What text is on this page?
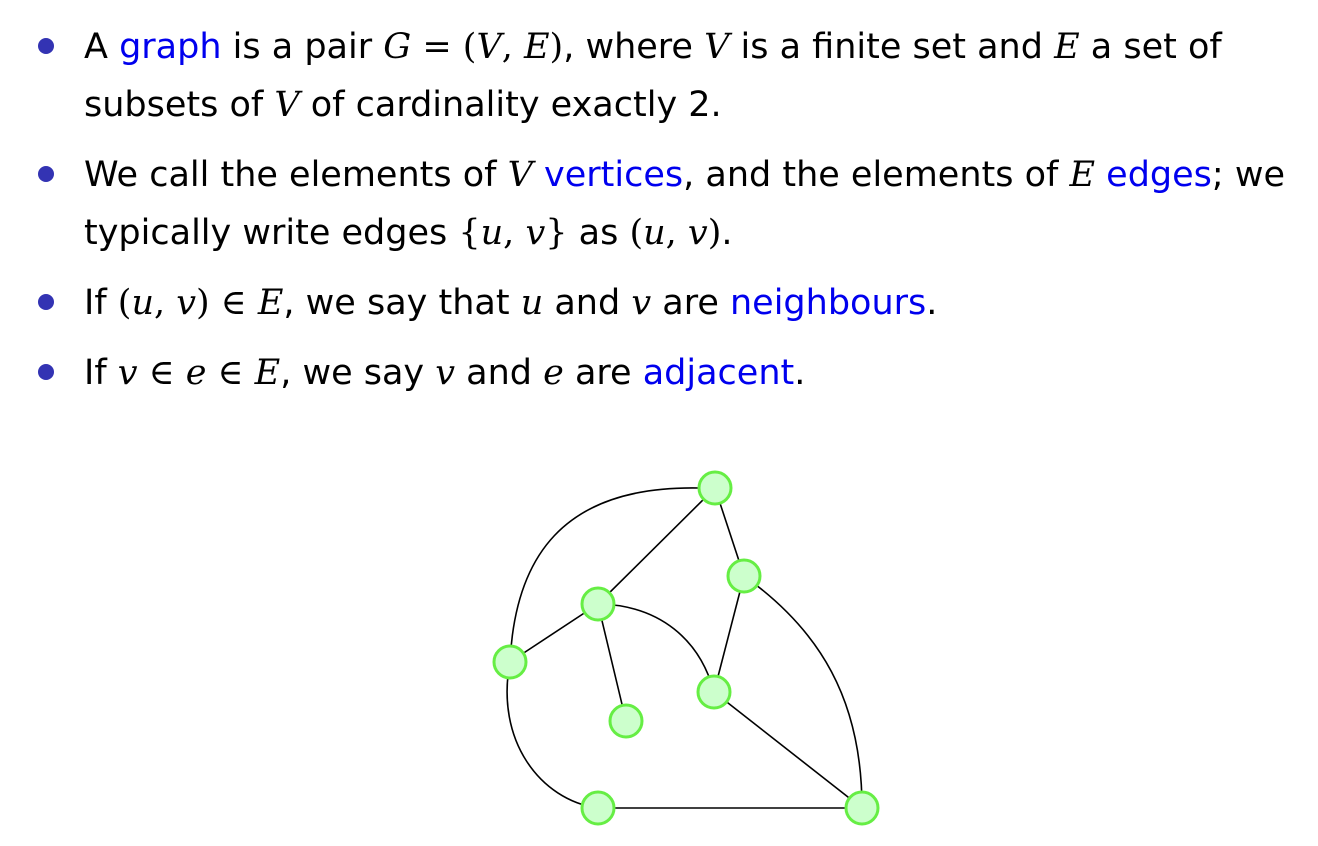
A graph is a pair G = (V, E), where V is a finite set and E a set of subsets of V of cardinality exactly 2.
We call the elements of V vertices, and the elements of E edges; we typically write edges {u, v} as (u, v).
If (u, v) ∈ E, we say that u and v are neighbours.
If v ∈ e ∈ E, we say v and e are adjacent.
